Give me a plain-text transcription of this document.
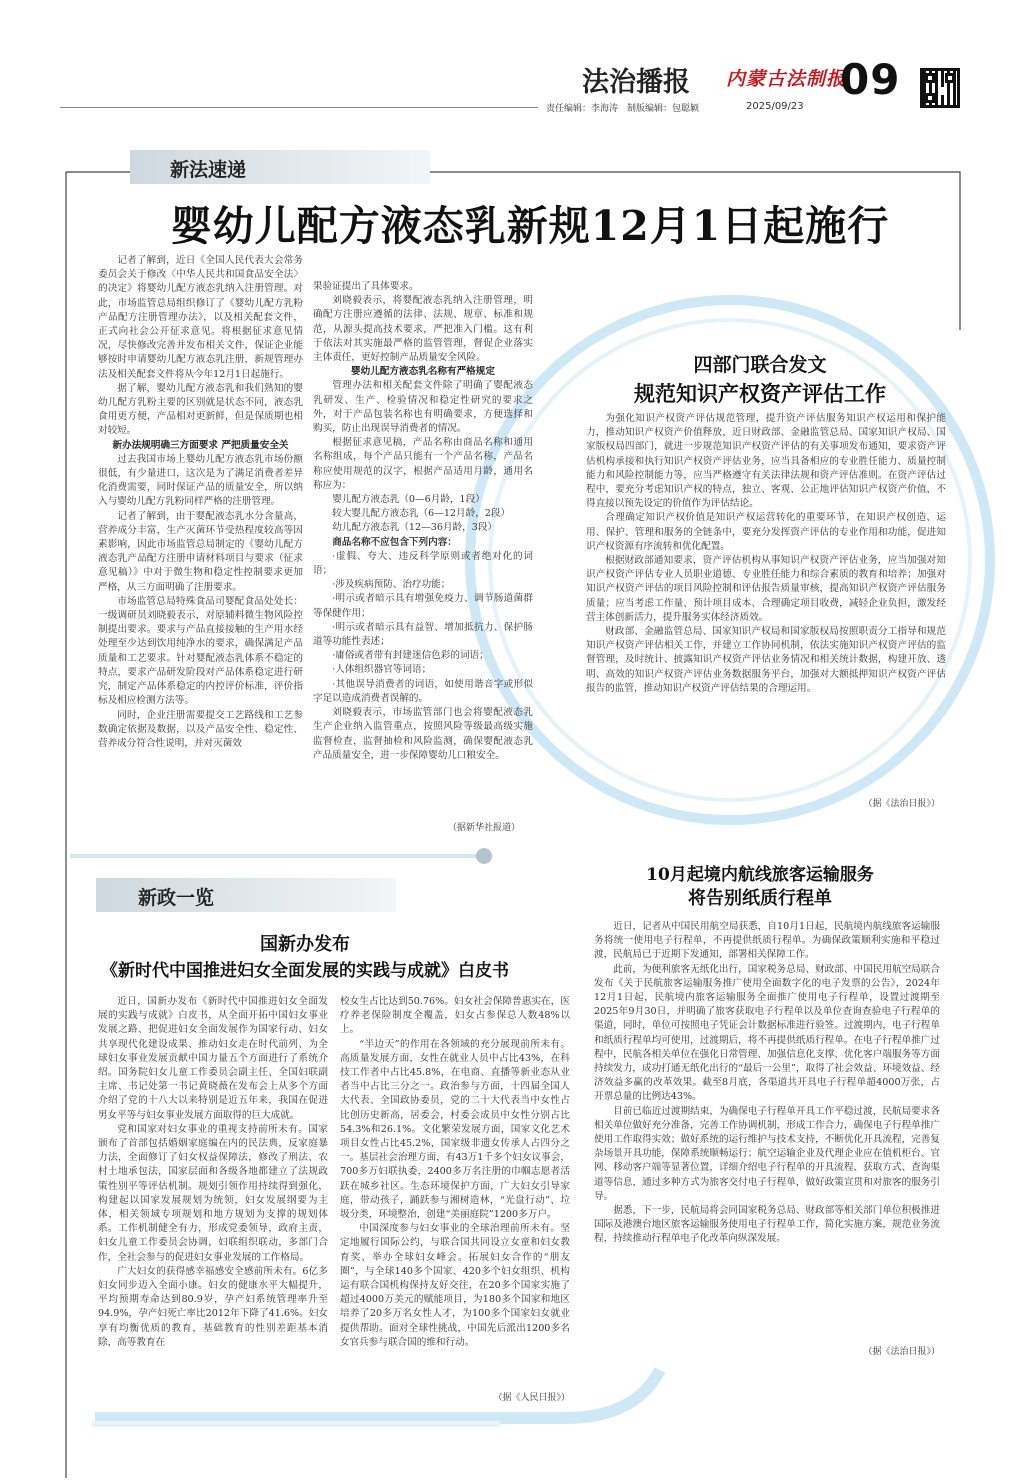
法治播报 内蒙古法制报
09
责任编辑：李海涛　制版编辑：包聪颖	2025/09/23
新法速递
婴幼儿配方液态乳新规12月1日起施行

记者了解到，近日《全国人民代表大会常务委员会关于修改〈中华人民共和国食品安全法〉的决定》将婴幼儿配方液态乳纳入注册管理。对此，市场监管总局组织修订了《婴幼儿配方乳粉产品配方注册管理办法》，以及相关配套文件，正式向社会公开征求意见。将根据征求意见情况，尽快修改完善并发布相关文件，保证企业能够按时申请婴幼儿配方液态乳注册，新规管理办法及相关配套文件将从今年12月1日起施行。

据了解，婴幼儿配方液态乳和我们熟知的婴幼儿配方乳粉主要的区别就是状态不同，液态乳食用更方便，产品相对更新鲜，但是保质期也相对较短。

新办法规明确三方面要求 严把质量安全关

过去我国市场上婴幼儿配方液态乳市场份额很低，有少量进口，这次是为了满足消费者差异化消费需要，同时保证产品的质量安全，所以纳入与婴幼儿配方乳粉同样严格的注册管理。

记者了解到，由于婴配液态乳水分含量高，营养成分丰富，生产灭菌环节受热程度较高等因素影响，因此市场监管总局制定的《婴幼儿配方液态乳产品配方注册申请材料项目与要求（征求意见稿）》中对于微生物和稳定性控制要求更加严格，从三方面明确了注册要求。

市场监管总局特殊食品司婴配食品处处长：一级调研员刘晓毅表示，对原辅料微生物风险控制提出要求。要求与产品直接接触的生产用水经处理至少达到饮用纯净水的要求，确保满足产品质量和工艺要求。针对婴配液态乳体系不稳定的特点，要求产品研发阶段对产品体系稳定进行研究，制定产品体系稳定的内控评价标准，评价指标及相应检测方法等。

同时，企业注册需要提交工艺路线和工艺参数确定依据及数据，以及产品安全性、稳定性、营养成分符合性说明，并对灭菌效

果验证提出了具体要求。

刘晓毅表示，将婴配液态乳纳入注册管理，明确配方注册应遵循的法律、法规、规章、标准和规范，从源头提高技术要求，严把准入门槛。这有利于依法对其实施最严格的监管管理，督促企业落实主体责任，更好控制产品质量安全风险。

婴幼儿配方液态乳名称有严格规定

管理办法和相关配套文件除了明确了婴配液态乳研发、生产、检验情况和稳定性研究的要求之外，对于产品包装名称也有明确要求，方便选择和购买，防止出现误导消费者的情况。

根据征求意见稿，产品名称由商品名称和通用名称组成，每个产品只能有一个产品名称，产品名称应使用规范的汉字，根据产品适用月龄，通用名称应为：

婴儿配方液态乳（0—6月龄，1段）

较大婴儿配方液态乳（6—12月龄，2段）

幼儿配方液态乳（12—36月龄，3段）

商品名称不应包含下列内容：

·虚假、夸大、违反科学原则或者绝对化的词语；

·涉及疾病预防、治疗功能；

·明示或者暗示具有增强免疫力、调节肠道菌群等保健作用；

·明示或者暗示具有益智、增加抵抗力、保护肠道等功能性表述；

·庸俗或者带有封建迷信色彩的词语；

·人体组织器官等词语；

·其他误导消费者的词语，如使用谐音字或形似字足以造成消费者误解的。

刘晓毅表示，市场监管部门也会将婴配液态乳生产企业纳入监管重点，按照风险等级最高级实施监督检查，监督抽检和风险监测，确保婴配液态乳产品质量安全，进一步保障婴幼儿口粮安全。

（据新华社报道）
四部门联合发文
规范知识产权资产评估工作

为强化知识产权资产评估规范管理，提升资产评估服务知识产权运用和保护能力，推动知识产权资产价值释放，近日财政部、金融监管总局、国家知识产权局、国家版权局四部门，就进一步规范知识产权资产评估的有关事项发布通知，要求资产评估机构承接和执行知识产权资产评估业务，应当具备相应的专业胜任能力、质量控制能力和风险控制能力等，应当严格遵守有关法律法规和资产评估准则。在资产评估过程中，要充分考虑知识产权的特点，独立、客观、公正地评估知识产权资产价值，不得直接以预先设定的价值作为评估结论。

合理确定知识产权价值是知识产权运营转化的重要环节，在知识产权创造、运用、保护、管理和服务的全链条中，要充分发挥资产评估的专业作用和功能，促进知识产权资源有序流转和优化配置。

根据财政部通知要求，资产评估机构从事知识产权资产评估业务，应当加强对知识产权资产评估专业人员职业道德、专业胜任能力和综合素质的教育和培养；加强对知识产权资产评估的项目风险控制和评估报告质量审核，提高知识产权资产评估服务质量；应当考虑工作量、预计项目成本、合理确定项目收费，减轻企业负担，激发经营主体创新活力，提升服务实体经济质效。

财政部、金融监管总局、国家知识产权局和国家版权局按照职责分工指导和规范知识产权资产评估相关工作，并建立工作协同机制，依法实施知识产权资产评估的监督管理，及时统计、披露知识产权资产评估业务情况和相关统计数据，构建开放、透明、高效的知识产权资产评估业务数据服务平台，加强对大额抵押知识产权资产评估报告的监管，推动知识产权资产评估结果的合理运用。

（据《法治日报》）
新政一览
10月起境内航线旅客运输服务
将告别纸质行程单

近日，记者从中国民用航空局获悉，自10月1日起，民航境内航线旅客运输服务将统一使用电子行程单，不再提供纸质行程单。为确保政策顺利实施和平稳过渡，民航局已于近期下发通知，部署相关保障工作。

此前，为便利旅客无纸化出行，国家税务总局、财政部、中国民用航空局联合发布《关于民航旅客运输服务推广使用全面数字化的电子发票的公告》，2024年12月1日起，民航境内旅客运输服务全面推广使用电子行程单，设置过渡期至2025年9月30日，并明确了旅客获取电子行程单以及单位查询查验电子行程单的渠道，同时，单位可按照电子凭证会计数据标准进行验签。过渡期内，电子行程单和纸质行程单均可使用，过渡期后，将不再提供纸质行程单。在电子行程单推广过程中，民航各相关单位在强化日常管理、加强信息化支撑、优化客户端服务等方面持续发力，成功打通无纸化出行的“最后一公里”，取得了社会效益、环境效益、经济效益多赢的改革效果。截至8月底，各渠道共开具电子行程单超4000万张，占开票总量的比例达43%。

目前已临近过渡期结束，为确保电子行程单开具工作平稳过渡，民航局要求各相关单位做好充分准备，完善工作协调机制，形成工作合力，确保电子行程单推广使用工作取得实效；做好系统的运行维护与技术支持，不断优化开具流程，完善复杂场景开具功能，保障系统顺畅运行；航空运输企业及代理企业应在值机柜台、官网、移动客户端等显著位置，详细介绍电子行程单的开具流程、获取方式、查询渠道等信息，通过多种方式为旅客交付电子行程单，做好政策宣贯和对旅客的服务引导。

据悉，下一步，民航局将会同国家税务总局、财政部等相关部门单位积极推进国际及港澳台地区旅客运输服务使用电子行程单工作，简化实施方案，规范业务流程，持续推动行程单电子化改革向纵深发展。

（据《法治日报》）
国新办发布
《新时代中国推进妇女全面发展的实践与成就》白皮书

近日，国新办发布《新时代中国推进妇女全面发展的实践与成就》白皮书，从全面开拓中国妇女事业发展之路、把促进妇女全面发展作为国家行动、妇女共享现代化建设成果、推动妇女走在时代前列、为全球妇女事业发展贡献中国力量五个方面进行了系统介绍。国务院妇女儿童工作委员会副主任、全国妇联副主席、书记处第一书记黄晓薇在发布会上从多个方面介绍了党的十八大以来特别是近五年来，我国在促进男女平等与妇女事业发展方面取得的巨大成就。

党和国家对妇女事业的重视支持前所未有。国家颁布了首部包括婚姻家庭编在内的民法典，反家庭暴力法，全面修订了妇女权益保障法，修改了刑法、农村土地承包法，国家层面和各级各地都建立了法规政策性别平等评估机制。规划引领作用持续得到强化，构建起以国家发展规划为统领，妇女发展纲要为主体，相关领域专项规划和地方规划为支撑的规划体系。工作机制健全有力，形成党委领导，政府主责，妇女儿童工作委员会协调，妇联组织联动，多部门合作，全社会参与的促进妇女事业发展的工作格局。

广大妇女的获得感幸福感安全感前所未有。6亿多妇女同步迈入全面小康。妇女的健康水平大幅提升，平均预期寿命达到80.9岁，孕产妇系统管理率升至94.9%，孕产妇死亡率比2012年下降了41.6%。妇女享有均衡优质的教育，基础教育的性别差距基本消除，高等教育在

校女生占比达到50.76%。妇女社会保障普惠实在，医疗养老保险制度全覆盖，妇女占参保总人数48%以上。

“半边天”的作用在各领域的充分展现前所未有。高质量发展方面，女性在就业人员中占比43%，在科技工作者中占比45.8%，在电商、直播等新业态从业者当中占比三分之一。政治参与方面，十四届全国人大代表、全国政协委员，党的二十大代表当中女性占比创历史新高，居委会，村委会成员中女性分别占比54.3%和26.1%。文化繁荣发展方面，国家文化艺术项目女性占比45.2%，国家级非遗女传承人占四分之一。基层社会治理方面，有43万1千多个妇女议事会，700多万妇联执委，2400多万名注册的巾帼志愿者活跃在城乡社区。生态环境保护方面，广大妇女引导家庭，带动孩子，踊跃参与湘树造林，“光盘行动”、垃圾分类，环境整治，创建“美丽庭院”1200多万户。

中国深度参与妇女事业的全球治理前所未有。坚定地履行国际公约，与联合国共同设立女童和妇女教育奖、举办全球妇女峰会。拓展妇女合作的“朋友圈”，与全球140多个国家、420多个妇女组织、机构运有联合国机构保持友好交往，在20多个国家实施了超过4000万美元的赋能项目，为180多个国家和地区培养了20多万名女性人才，为100多个国家妇女就业提供帮助。面对全球性挑战，中国先后派出1200多名女官兵参与联合国的维和行动。

（据《人民日报》）
